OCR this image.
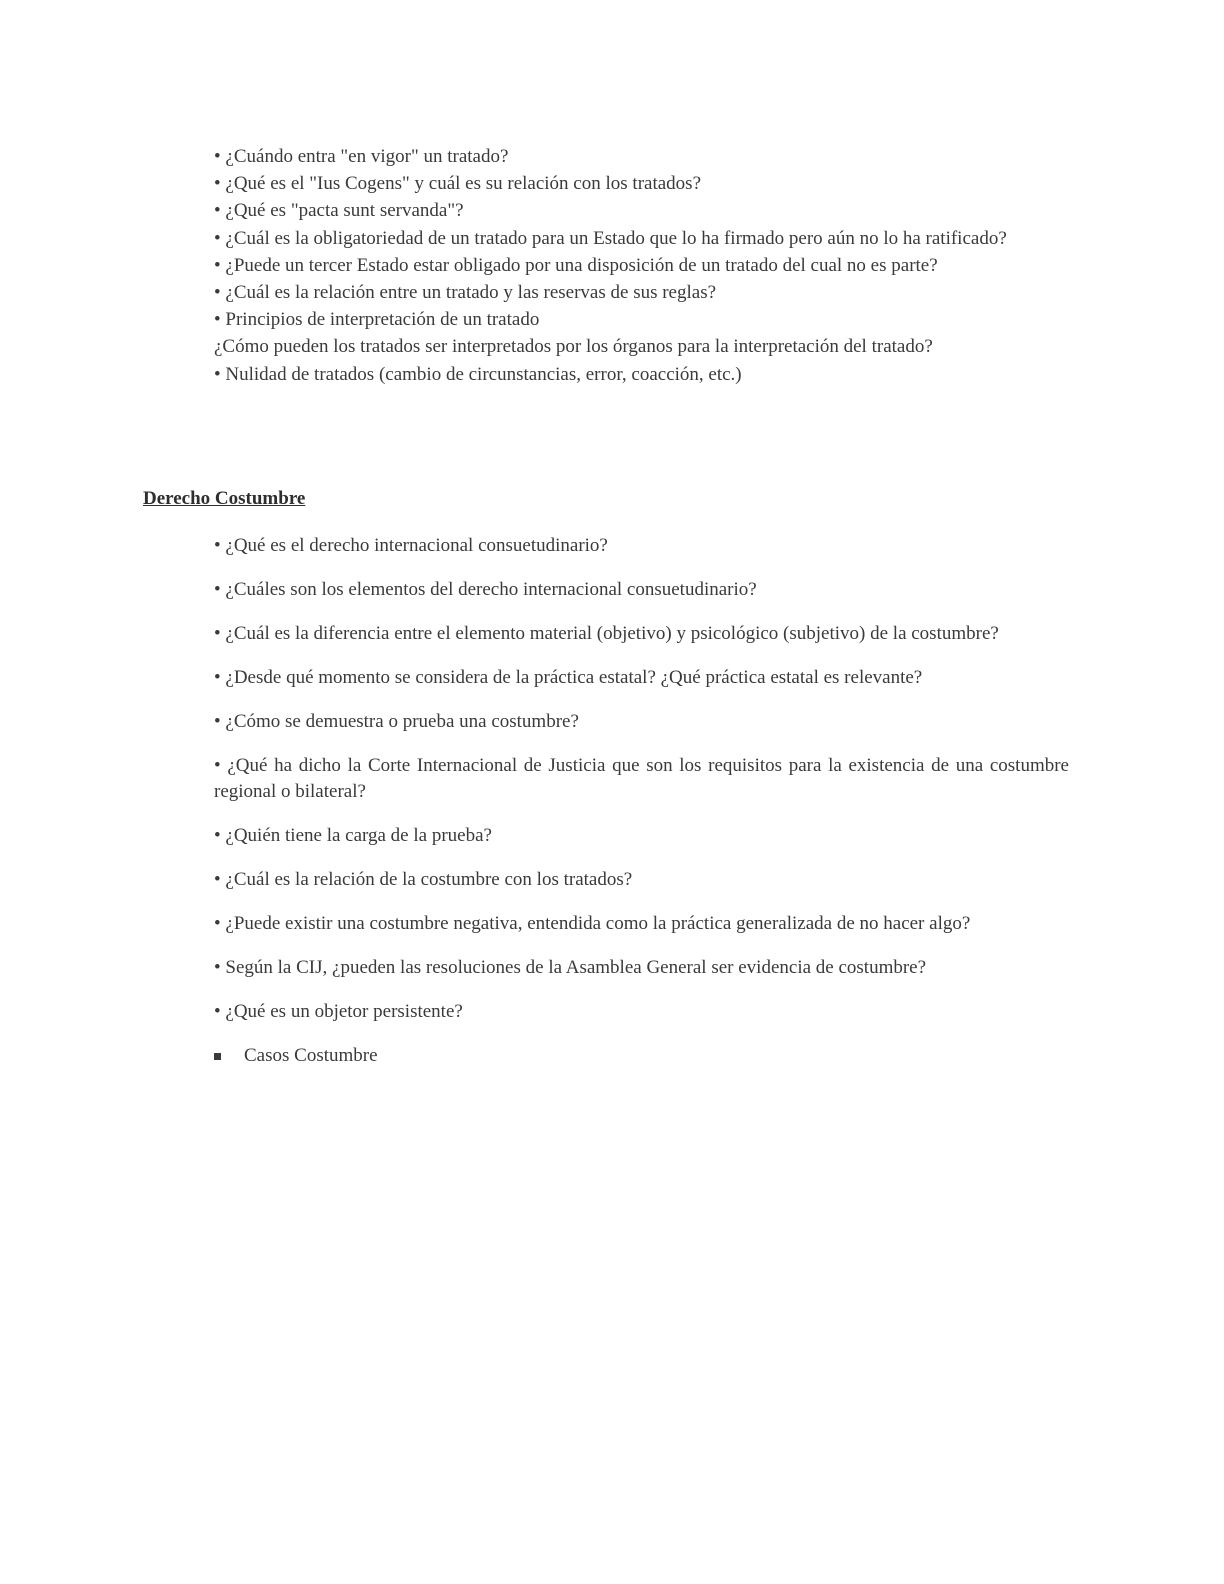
• ¿Cuándo entra "en vigor" un tratado?
• ¿Qué es el "Ius Cogens" y cuál es su relación con los tratados?
• ¿Qué es "pacta sunt servanda"?
• ¿Cuál es la obligatoriedad de un tratado para un Estado que lo ha firmado pero aún no lo ha ratificado?
• ¿Puede un tercer Estado estar obligado por una disposición de un tratado del cual no es parte?
• ¿Cuál es la relación entre un tratado y las reservas de sus reglas?
• Principios de interpretación de un tratado
¿Cómo pueden los tratados ser interpretados por los órganos para la interpretación del tratado?
• Nulidad de tratados (cambio de circunstancias, error, coacción, etc.)
Derecho Costumbre
• ¿Qué es el derecho internacional consuetudinario?
• ¿Cuáles son los elementos del derecho internacional consuetudinario?
• ¿Cuál es la diferencia entre el elemento material (objetivo) y psicológico (subjetivo) de la costumbre?
• ¿Desde qué momento se considera de la práctica estatal? ¿Qué práctica estatal es relevante?
• ¿Cómo se demuestra o prueba una costumbre?
• ¿Qué ha dicho la Corte Internacional de Justicia que son los requisitos para la existencia de una costumbre regional o bilateral?
• ¿Quién tiene la carga de la prueba?
• ¿Cuál es la relación de la costumbre con los tratados?
• ¿Puede existir una costumbre negativa, entendida como la práctica generalizada de no hacer algo?
• Según la CIJ, ¿pueden las resoluciones de la Asamblea General ser evidencia de costumbre?
• ¿Qué es un objetor persistente?
Casos Costumbre
